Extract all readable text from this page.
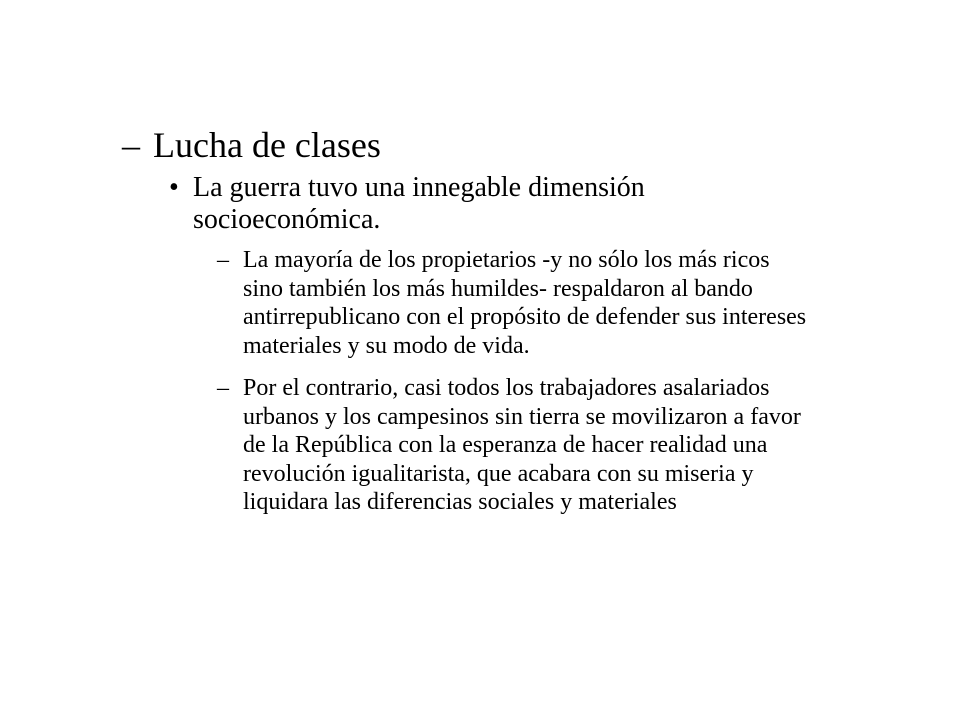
– Lucha de clases
• La guerra tuvo una innegable dimensión
socioeconómica.
– La mayoría de los propietarios -y no sólo los más ricos
sino también los más humildes- respaldaron al bando
antirrepublicano con el propósito de defender sus intereses
materiales y su modo de vida.
– Por el contrario, casi todos los trabajadores asalariados
urbanos y los campesinos sin tierra se movilizaron a favor
de la República con la esperanza de hacer realidad una
revolución igualitarista, que acabara con su miseria y
liquidara las diferencias sociales y materiales
